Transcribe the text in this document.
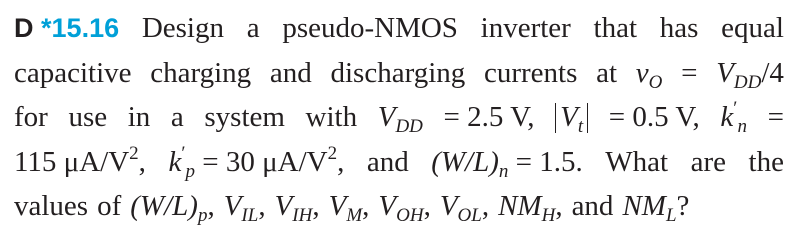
D *15.16 Design a pseudo-NMOS inverter that has equal
capacitive charging and discharging currents at $v_O = V_{DD}/4$
for use in a system with $V_{DD} = 2.5$ V, $V_t = 0.5$ V, $k'_n$ =
115 $\mu A/V^2$, $k'_p = 30$ $\mu A/V^2$, and $(W/L)_n = 1.5$. What are the
values of $(W/L)_p$, $V_{IL}$, $V_{IH}$, $V_M$, $V_{OH}$, $V_{OL}$, $NM_H$, and $NM_L$?
